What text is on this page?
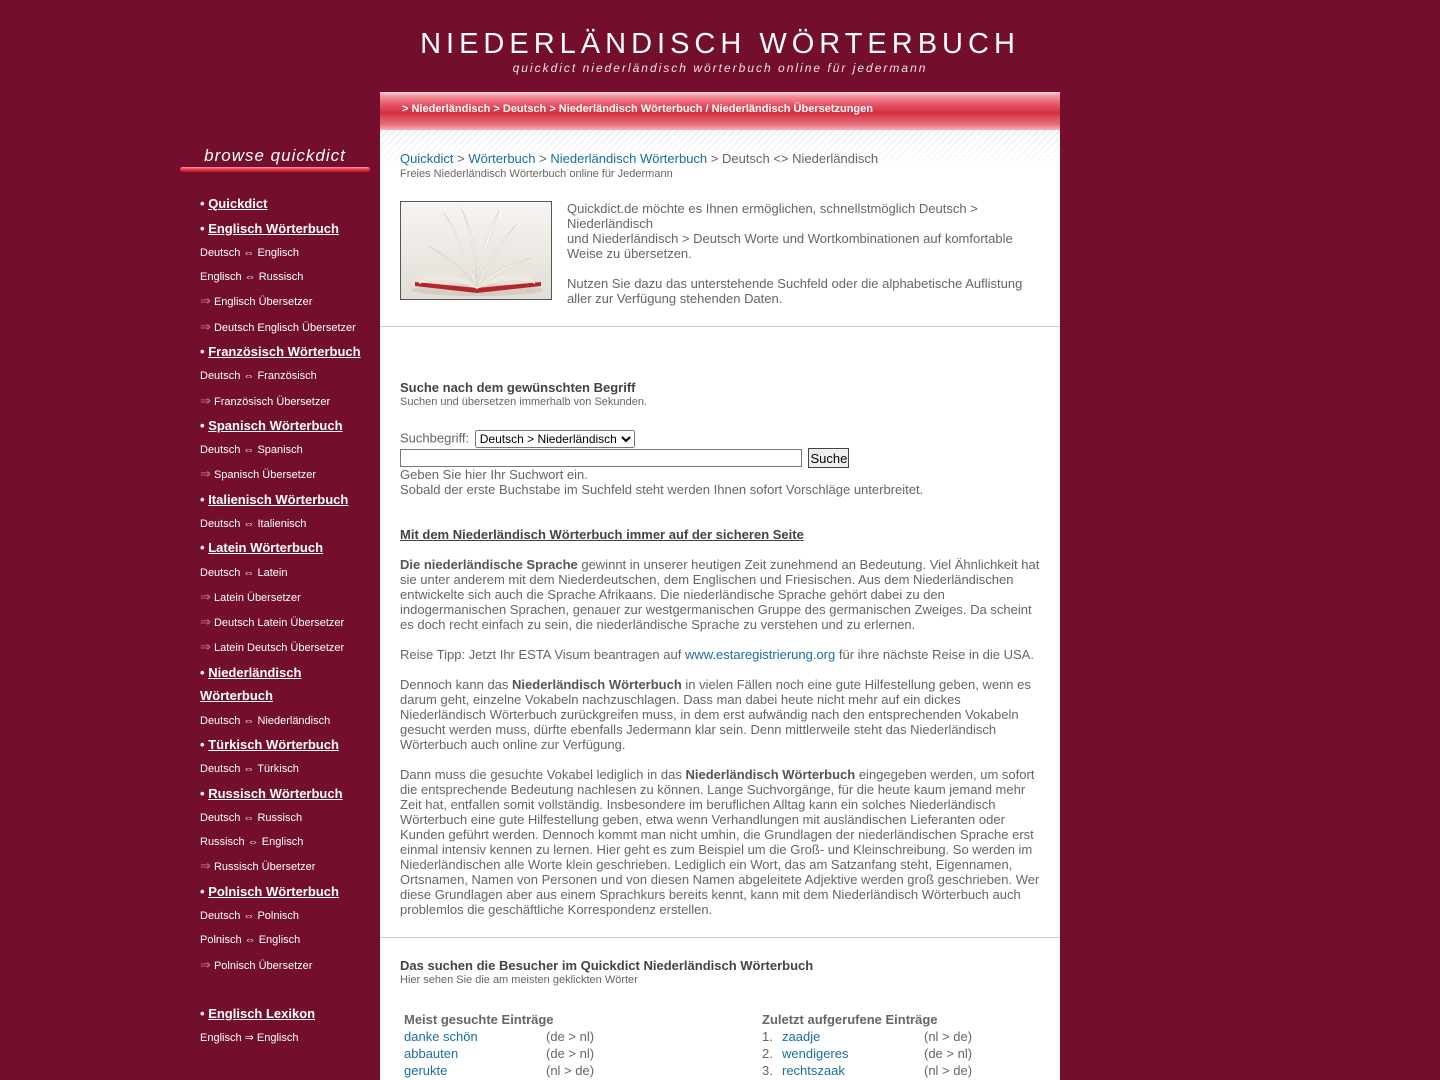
NIEDERLÄNDISCH WÖRTERBUCH
quickdict niederländisch wörterbuch online für jedermann
> Niederländisch > Deutsch > Niederländisch Wörterbuch / Niederländisch Übersetzungen
browse quickdict
• Quickdict
• Englisch Wörterbuch
Deutsch ⇔ Englisch
Englisch ⇔ Russisch
⇒ Englisch Übersetzer
⇒ Deutsch Englisch Übersetzer
• Französisch Wörterbuch
Deutsch ⇔ Französisch
⇒ Französisch Übersetzer
• Spanisch Wörterbuch
Deutsch ⇔ Spanisch
⇒ Spanisch Übersetzer
• Italienisch Wörterbuch
Deutsch ⇔ Italienisch
• Latein Wörterbuch
Deutsch ⇔ Latein
⇒ Latein Übersetzer
⇒ Deutsch Latein Übersetzer
⇒ Latein Deutsch Übersetzer
• Niederländisch Wörterbuch
Deutsch ⇔ Niederländisch
• Türkisch Wörterbuch
Deutsch ⇔ Türkisch
• Russisch Wörterbuch
Deutsch ⇔ Russisch
Russisch ⇔ Englisch
⇒ Russisch Übersetzer
• Polnisch Wörterbuch
Deutsch ⇔ Polnisch
Polnisch ⇔ Englisch
⇒ Polnisch Übersetzer
• Englisch Lexikon
Englisch ⇒ Englisch
Quickdict > Wörterbuch > Niederländisch Wörterbuch > Deutsch <> Niederländisch
Freies Niederländisch Wörterbuch online für Jedermann

Quickdict.de möchte es Ihnen ermöglichen, schnellstmöglich Deutsch > Niederländisch
und Niederländisch > Deutsch Worte und Wortkombinationen auf komfortable Weise zu übersetzen.

Nutzen Sie dazu das unterstehende Suchfeld oder die alphabetische Auflistung aller zur Verfügung stehenden Daten.

Suche nach dem gewünschten Begriff
Suchen und übersetzen immerhalb von Sekunden.
Suchbegriff:
Deutsch > Niederländisch
Suche
Geben Sie hier Ihr Suchwort ein.
Sobald der erste Buchstabe im Suchfeld steht werden Ihnen sofort Vorschläge unterbreitet.
Mit dem Niederländisch Wörterbuch immer auf der sicheren Seite

Die niederländische Sprache gewinnt in unserer heutigen Zeit zunehmend an Bedeutung. Viel Ähnlichkeit hat sie unter anderem mit dem Niederdeutschen, dem Englischen und Friesischen. Aus dem Niederländischen entwickelte sich auch die Sprache Afrikaans. Die niederländische Sprache gehört dabei zu den indogermanischen Sprachen, genauer zur westgermanischen Gruppe des germanischen Zweiges. Da scheint es doch recht einfach zu sein, die niederländische Sprache zu verstehen und zu erlernen.

Reise Tipp: Jetzt Ihr ESTA Visum beantragen auf www.estaregistrierung.org für ihre nächste Reise in die USA.

Dennoch kann das Niederländisch Wörterbuch in vielen Fällen noch eine gute Hilfestellung geben, wenn es darum geht, einzelne Vokabeln nachzuschlagen. Dass man dabei heute nicht mehr auf ein dickes Niederländisch Wörterbuch zurückgreifen muss, in dem erst aufwändig nach den entsprechenden Vokabeln gesucht werden muss, dürfte ebenfalls Jedermann klar sein. Denn mittlerweile steht das Niederländisch Wörterbuch auch online zur Verfügung.

Dann muss die gesuchte Vokabel lediglich in das Niederländisch Wörterbuch eingegeben werden, um sofort die entsprechende Bedeutung nachlesen zu können. Lange Suchvorgänge, für die heute kaum jemand mehr Zeit hat, entfallen somit vollständig. Insbesondere im beruflichen Alltag kann ein solches Niederländisch Wörterbuch eine gute Hilfestellung geben, etwa wenn Verhandlungen mit ausländischen Lieferanten oder Kunden geführt werden. Dennoch kommt man nicht umhin, die Grundlagen der niederländischen Sprache erst einmal intensiv kennen zu lernen. Hier geht es zum Beispiel um die Groß- und Kleinschreibung. So werden im Niederländischen alle Worte klein geschrieben. Lediglich ein Wort, das am Satzanfang steht, Eigennamen, Ortsnamen, Namen von Personen und von diesen Namen abgeleitete Adjektive werden groß geschrieben. Wer diese Grundlagen aber aus einem Sprachkurs bereits kennt, kann mit dem Niederländisch Wörterbuch auch problemlos die geschäftliche Korrespondenz erstellen.

Das suchen die Besucher im Quickdict Niederländisch Wörterbuch
Hier sehen Sie die am meisten geklickten Wörter
Meist gesuchte Einträge	
danke schön	(de > nl)
abbauten	(de > nl)
gerukte	(nl > de)
Zuletzt aufgerufene Einträge		
1.	zaadje	(nl > de)
2.	wendigeres	(de > nl)
3.	rechtszaak	(nl > de)
